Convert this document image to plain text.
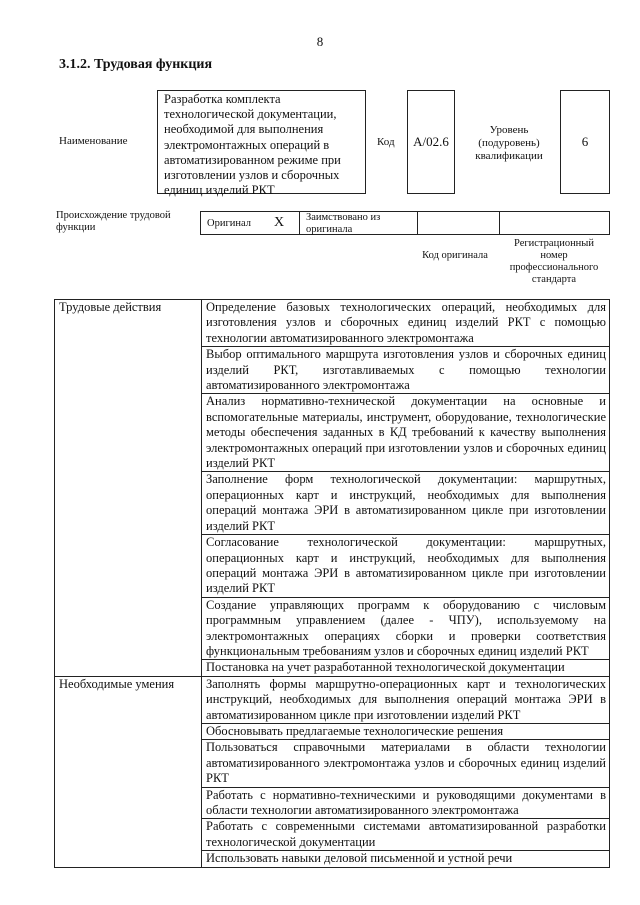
8
3.1.2. Трудовая функция
Наименование
Разработка комплекта технологической документации, необходимой для выполнения электромонтажных операций в автоматизированном режиме при изготовлении узлов и сборочных единиц изделий РКТ
Код	A/02.6
Уровень (подуровень) квалификации
6
Происхождение трудовой функции	Оригинал X Заимствовано из оригинала
Код оригинала
Регистрационный номер профессионального стандарта
Трудовые действия	Определение базовых технологических операций, необходимых для изготовления узлов и сборочных единиц изделий РКТ с помощью технологии автоматизированного электромонтажа
	Выбор оптимального маршрута изготовления узлов и сборочных единиц изделий РКТ, изготавливаемых с помощью технологии автоматизированного электромонтажа
	Анализ нормативно-технической документации на основные и вспомогательные материалы, инструмент, оборудование, технологические методы обеспечения заданных в КД требований к качеству выполнения электромонтажных операций при изготовлении узлов и сборочных единиц изделий РКТ
	Заполнение форм технологической документации: маршрутных, операционных карт и инструкций, необходимых для выполнения операций монтажа ЭРИ в автоматизированном цикле при изготовлении изделий РКТ
	Согласование технологической документации: маршрутных, операционных карт и инструкций, необходимых для выполнения операций монтажа ЭРИ в автоматизированном цикле при изготовлении изделий РКТ
	Создание управляющих программ к оборудованию с числовым программным управлением (далее - ЧПУ), используемому на электромонтажных операциях сборки и проверки соответствия функциональным требованиям узлов и сборочных единиц изделий РКТ
	Постановка на учет разработанной технологической документации
Необходимые умения	Заполнять формы маршрутно-операционных карт и технологических инструкций, необходимых для выполнения операций монтажа ЭРИ в автоматизированном цикле при изготовлении изделий РКТ
	Обосновывать предлагаемые технологические решения
	Пользоваться справочными материалами в области технологии автоматизированного электромонтажа узлов и сборочных единиц изделий РКТ
	Работать с нормативно-техническими и руководящими документами в области технологии автоматизированного электромонтажа
	Работать с современными системами автоматизированной разработки технологической документации
	Использовать навыки деловой письменной и устной речи
